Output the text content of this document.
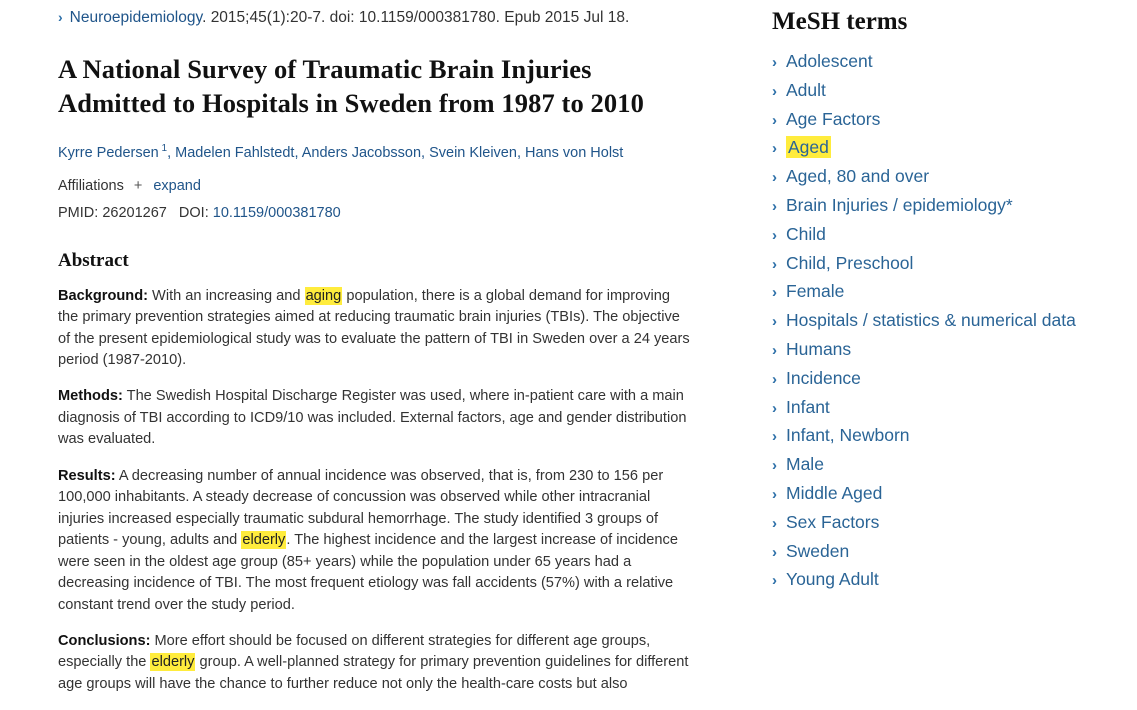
› Neuroepidemiology. 2015;45(1):20-7. doi: 10.1159/000381780. Epub 2015 Jul 18.
A National Survey of Traumatic Brain Injuries Admitted to Hospitals in Sweden from 1987 to 2010
Kyrre Pedersen $^1$, Madelen Fahlstedt, Anders Jacobsson, Svein Kleiven, Hans von Holst
Affiliations + expand
PMID: 26201267 DOI: 10.1159/000381780
Abstract

Background: With an increasing and aging population, there is a global demand for improving the primary prevention strategies aimed at reducing traumatic brain injuries (TBIs). The objective of the present epidemiological study was to evaluate the pattern of TBI in Sweden over a 24 years period (1987-2010).

Methods: The Swedish Hospital Discharge Register was used, where in-patient care with a main diagnosis of TBI according to ICD9/10 was included. External factors, age and gender distribution was evaluated.

Results: A decreasing number of annual incidence was observed, that is, from 230 to 156 per 100,000 inhabitants. A steady decrease of concussion was observed while other intracranial injuries increased especially traumatic subdural hemorrhage. The study identified 3 groups of patients - young, adults and elderly. The highest incidence and the largest increase of incidence were seen in the oldest age group (85+ years) while the population under 65 years had a decreasing incidence of TBI. The most frequent etiology was fall accidents (57%) with a relative constant trend over the study period.

Conclusions: More effort should be focused on different strategies for different age groups, especially the elderly group. A well-planned strategy for primary prevention guidelines for different age groups will have the chance to further reduce not only the health-care costs but also

MeSH terms
› Adolescent
› Adult
› Age Factors
› Aged
› Aged, 80 and over
› Brain Injuries / epidemiology*
› Child
› Child, Preschool
› Female
› Hospitals / statistics & numerical data
› Humans
› Incidence
› Infant
› Infant, Newborn
› Male
› Middle Aged
› Sex Factors
› Sweden
› Young Adult
